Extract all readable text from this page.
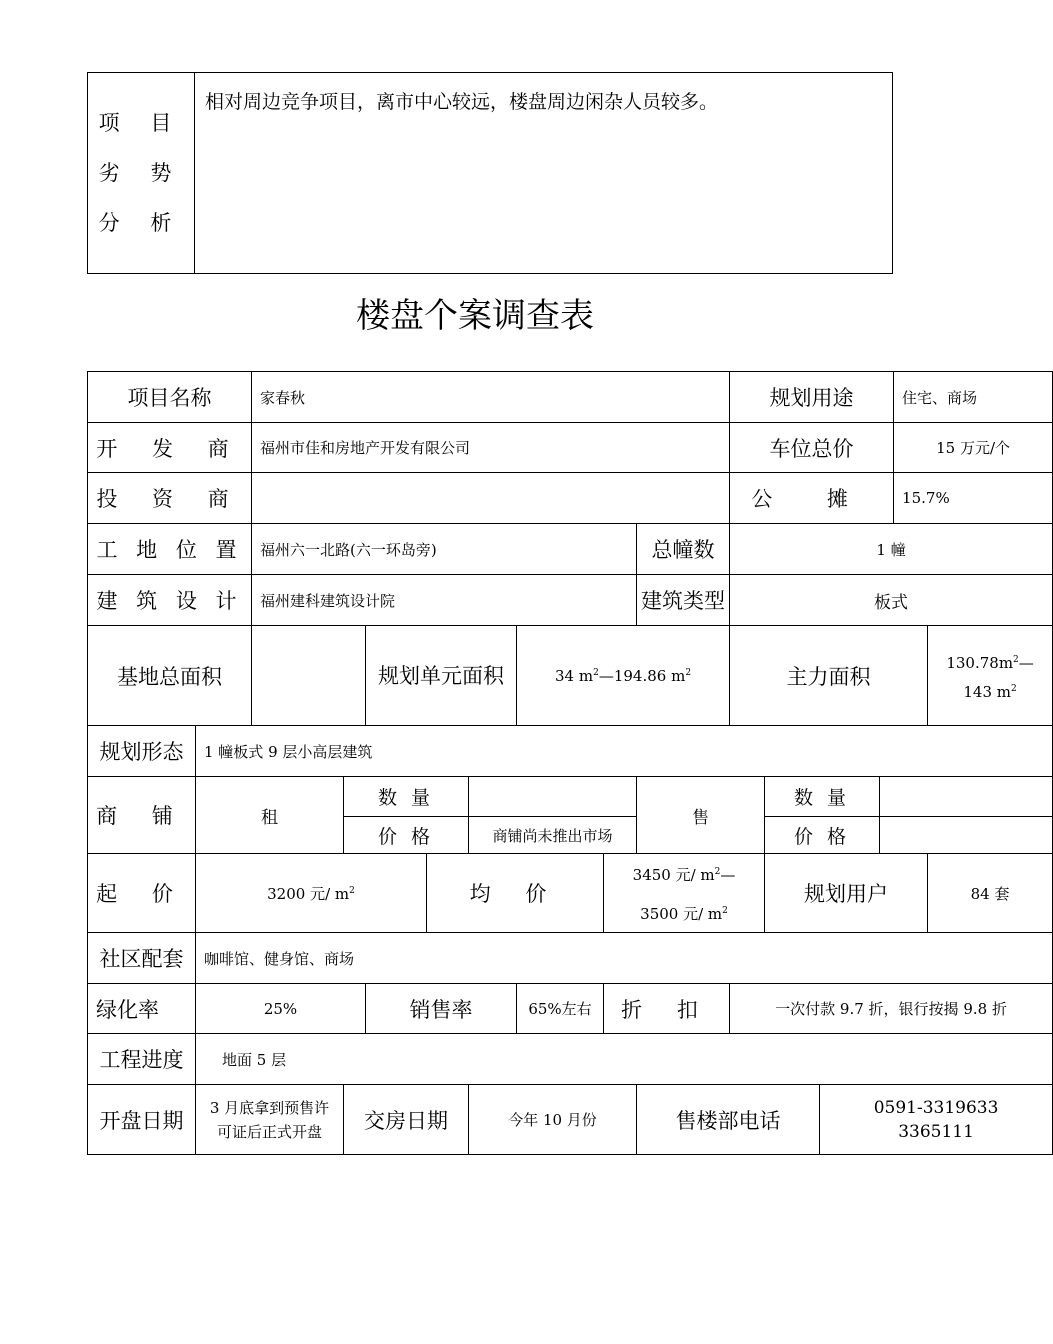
项 目
劣 势
分 析
	相对周边竞争项目，离市中心较远，楼盘周边闲杂人员较多。
楼盘个案调查表
项目名称		家春秋								规划用途				住宅、商场	
开 发 商		福州市佳和房地产开发有限公司								车位总价				15 万元/个	
投 资 商										公 摊				15.7%	
工 地 位 置		福州六一北路(六一环岛旁)							总幢数	1 幢					
建 筑 设 计		福州建科建筑设计院							建筑类型	板式					
基地总面积				规划单元面积			34 $m^2—194.86$ $m^2$			主力面积					$130.78m^2—$
143 $m^2$
规划形态	1 幢板式 9 层小高层建筑														
商 铺	租		数 量						售		数 量				
			价 格			商铺尚未推出市场					价 格				
起 价	3200 元/ $m^2$				均 价			3450 元/ $m^2—$
3500 元/ $m^2$			规划用户				84 套
社区配套	咖啡馆、健身馆、商场														
绿化率	25%			销售率			65%左右	折 扣		一次付款 9.7 折，银行按揭 9.8 折					
工程进度	地面 5 层														
开盘日期	3 月底拿到预售许可证后正式开盘		交房日期			今年 10 月份			售楼部电话			0591-3319633
3365111			
